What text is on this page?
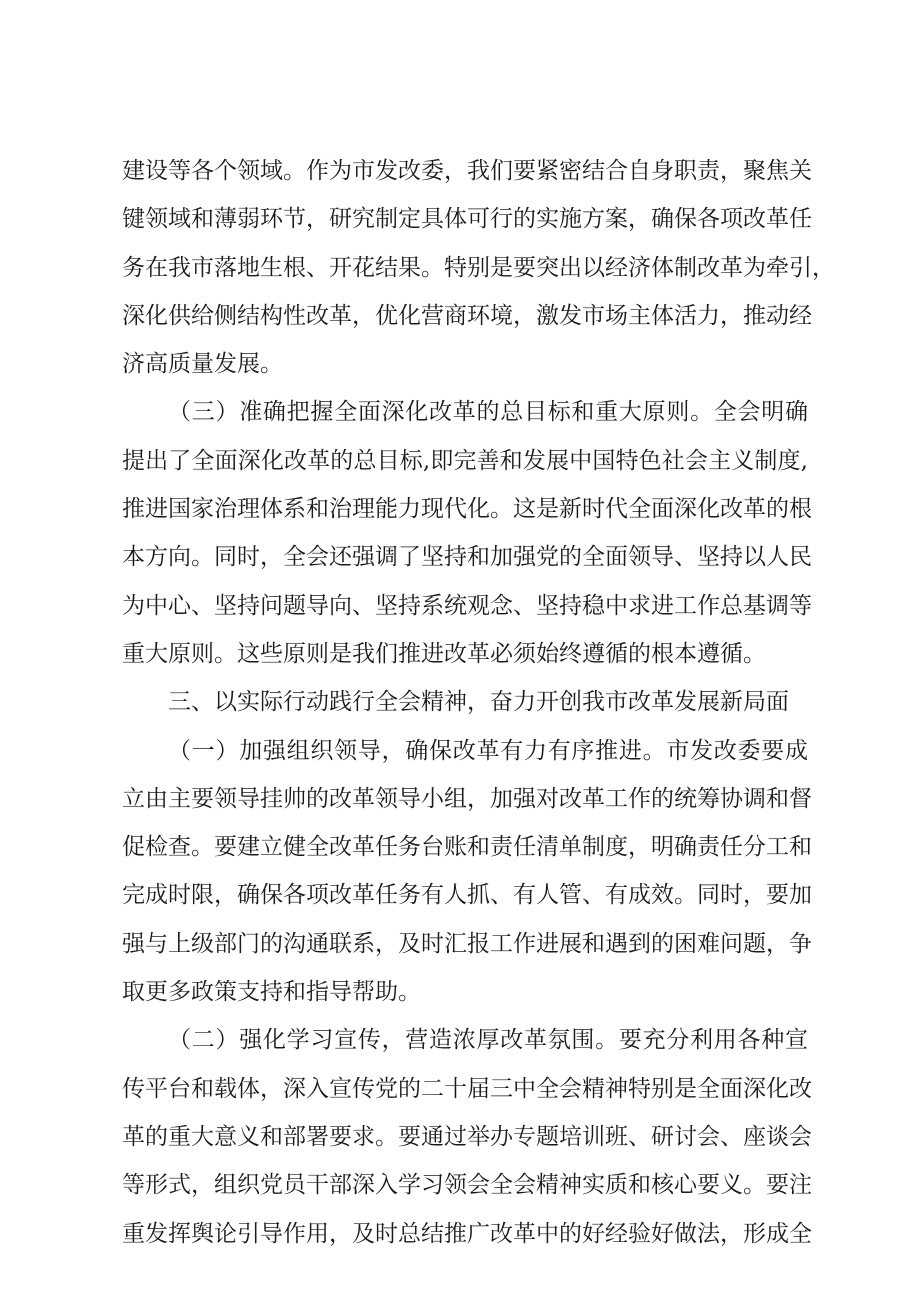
建设等各个领域。作为市发改委，我们要紧密结合自身职责，聚焦关
键领域和薄弱环节，研究制定具体可行的实施方案，确保各项改革任
务在我市落地生根、开花结果。特别是要突出以经济体制改革为牵引，
深化供给侧结构性改革，优化营商环境，激发市场主体活力，推动经
济高质量发展。
（三）准确把握全面深化改革的总目标和重大原则。全会明确
提出了全面深化改革的总目标,即完善和发展中国特色社会主义制度,
推进国家治理体系和治理能力现代化。这是新时代全面深化改革的根
本方向。同时，全会还强调了坚持和加强党的全面领导、坚持以人民
为中心、坚持问题导向、坚持系统观念、坚持稳中求进工作总基调等
重大原则。这些原则是我们推进改革必须始终遵循的根本遵循。
三、以实际行动践行全会精神，奋力开创我市改革发展新局面
（一）加强组织领导，确保改革有力有序推进。市发改委要成
立由主要领导挂帅的改革领导小组，加强对改革工作的统筹协调和督
促检查。要建立健全改革任务台账和责任清单制度，明确责任分工和
完成时限，确保各项改革任务有人抓、有人管、有成效。同时，要加
强与上级部门的沟通联系，及时汇报工作进展和遇到的困难问题，争
取更多政策支持和指导帮助。
（二）强化学习宣传，营造浓厚改革氛围。要充分利用各种宣
传平台和载体，深入宣传党的二十届三中全会精神特别是全面深化改
革的重大意义和部署要求。要通过举办专题培训班、研讨会、座谈会
等形式，组织党员干部深入学习领会全会精神实质和核心要义。要注
重发挥舆论引导作用，及时总结推广改革中的好经验好做法，形成全
